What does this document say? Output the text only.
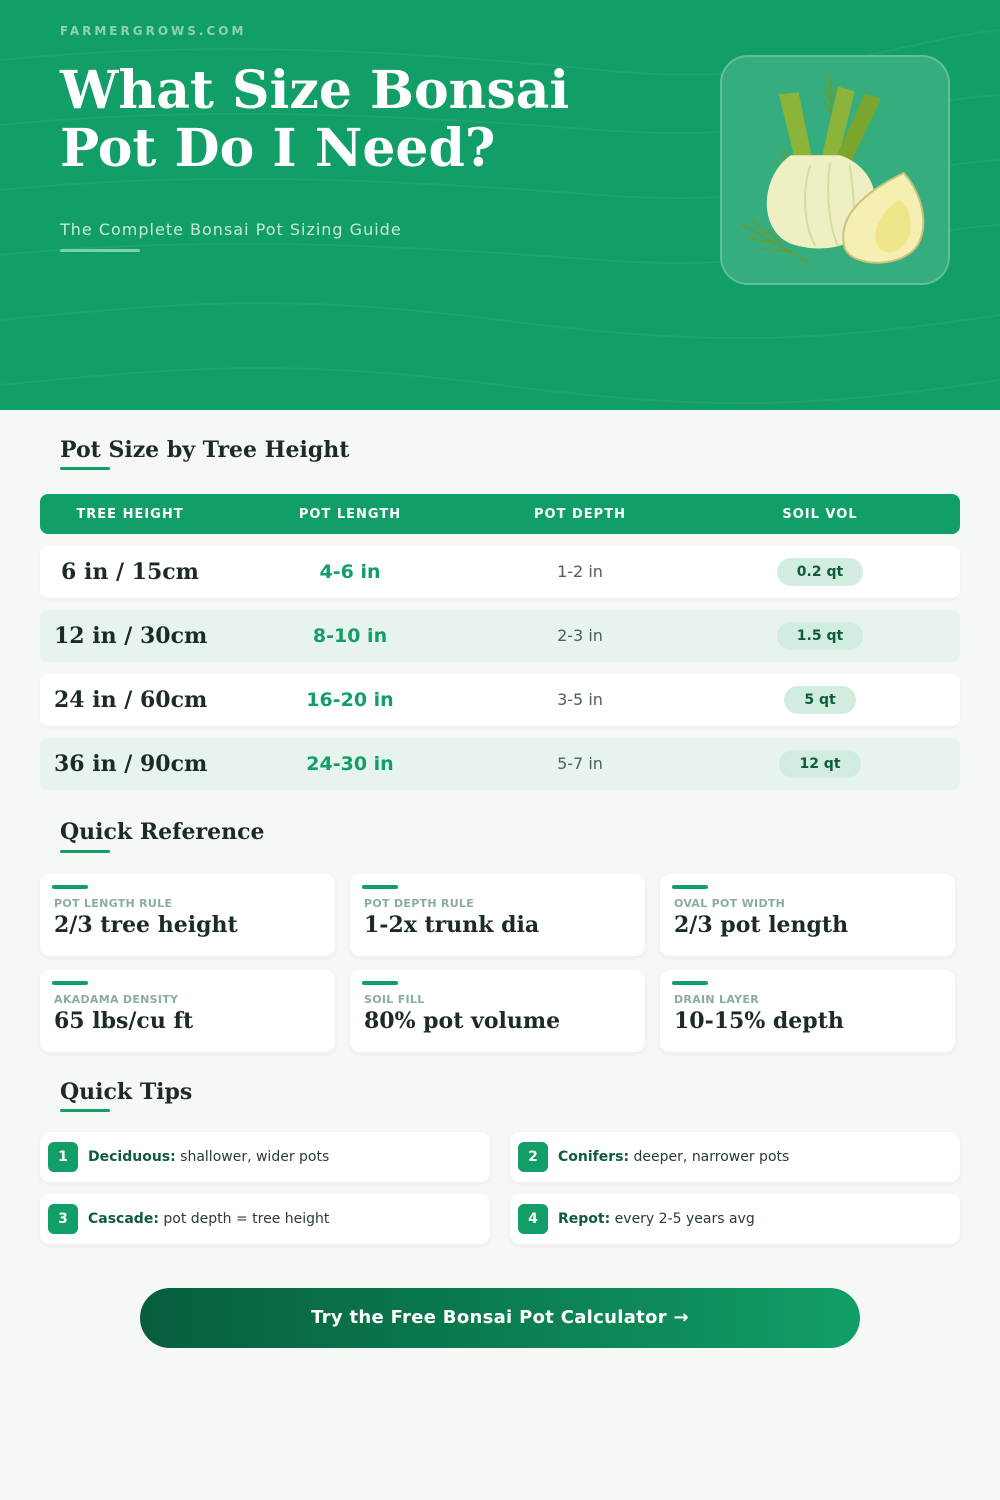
FARMERGROWS.COM
What Size Bonsai Pot Do I Need?
The Complete Bonsai Pot Sizing Guide
Pot Size by Tree Height
TREE HEIGHT	POT LENGTH	POT DEPTH	SOIL VOL
6 in / 15cm	4-6 in	1-2 in	0.2 qt
12 in / 30cm	8-10 in	2-3 in	1.5 qt
24 in / 60cm	16-20 in	3-5 in	5 qt
36 in / 90cm	24-30 in	5-7 in	12 qt
Quick Reference
POT LENGTH RULE
2/3 tree height
POT DEPTH RULE
1-2x trunk dia
OVAL POT WIDTH
2/3 pot length
AKADAMA DENSITY
65 lbs/cu ft
SOIL FILL
80% pot volume
DRAIN LAYER
10-15% depth
Quick Tips
1	Deciduous: shallower, wider pots	2	Conifers: deeper, narrower pots
3	Cascade: pot depth = tree height	4	Repot: every 2-5 years avg
Try the Free Bonsai Pot Calculator →
